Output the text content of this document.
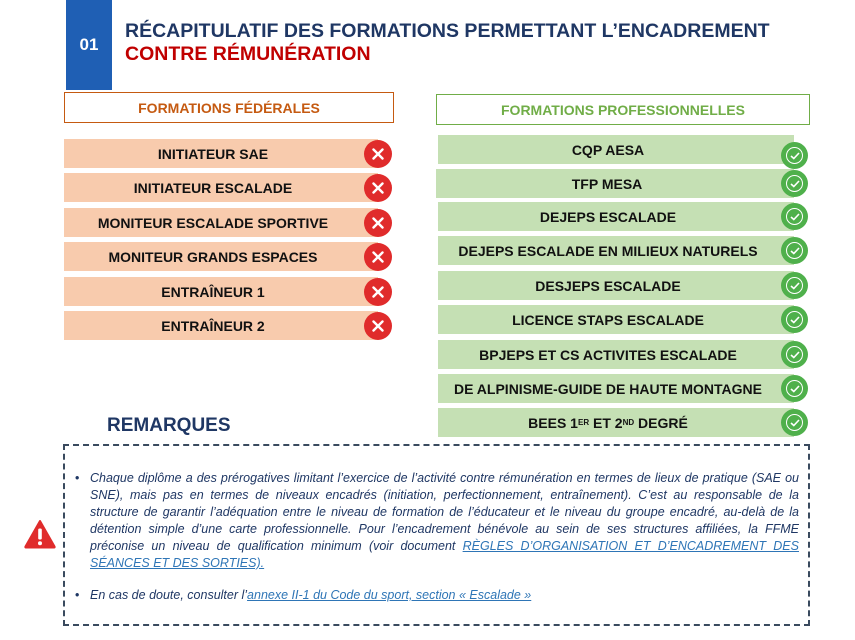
01
RÉCAPITULATIF DES FORMATIONS PERMETTANT L’ENCADREMENT CONTRE RÉMUNÉRATION
FORMATIONS FÉDÉRALES	FORMATIONS PROFESSIONNELLES
INITIATEUR SAE
INITIATEUR ESCALADE
MONITEUR ESCALADE SPORTIVE
MONITEUR GRANDS ESPACES
ENTRAÎNEUR 1
ENTRAÎNEUR 2
CQP AESA
TFP MESA
DEJEPS ESCALADE
DEJEPS ESCALADE EN MILIEUX NATURELS
DESJEPS ESCALADE
LICENCE STAPS ESCALADE
BPJEPS ET CS ACTIVITES ESCALADE
DE ALPINISME-GUIDE DE HAUTE MONTAGNE
BEES 1 ER ET 2 ND DEGRÉ
REMARQUES
• Chaque diplôme a des prérogatives limitant l’exercice de l’activité contre rémunération en termes de lieux de pratique (SAE ou SNE), mais pas en termes de niveaux encadrés (initiation, perfectionnement, entraînement). C’est au responsable de la structure de garantir l’adéquation entre le niveau de formation de l’éducateur et le niveau du groupe encadré, au-delà de la détention simple d’une carte professionnelle. Pour l’encadrement bénévole au sein de ses structures affiliées, la FFME préconise un niveau de qualification minimum (voir document RÈGLES D’ORGANISATION ET D’ENCADREMENT DES SÉANCES ET DES SORTIES).
• En cas de doute, consulter l’annexe II-1 du Code du sport, section « Escalade »
